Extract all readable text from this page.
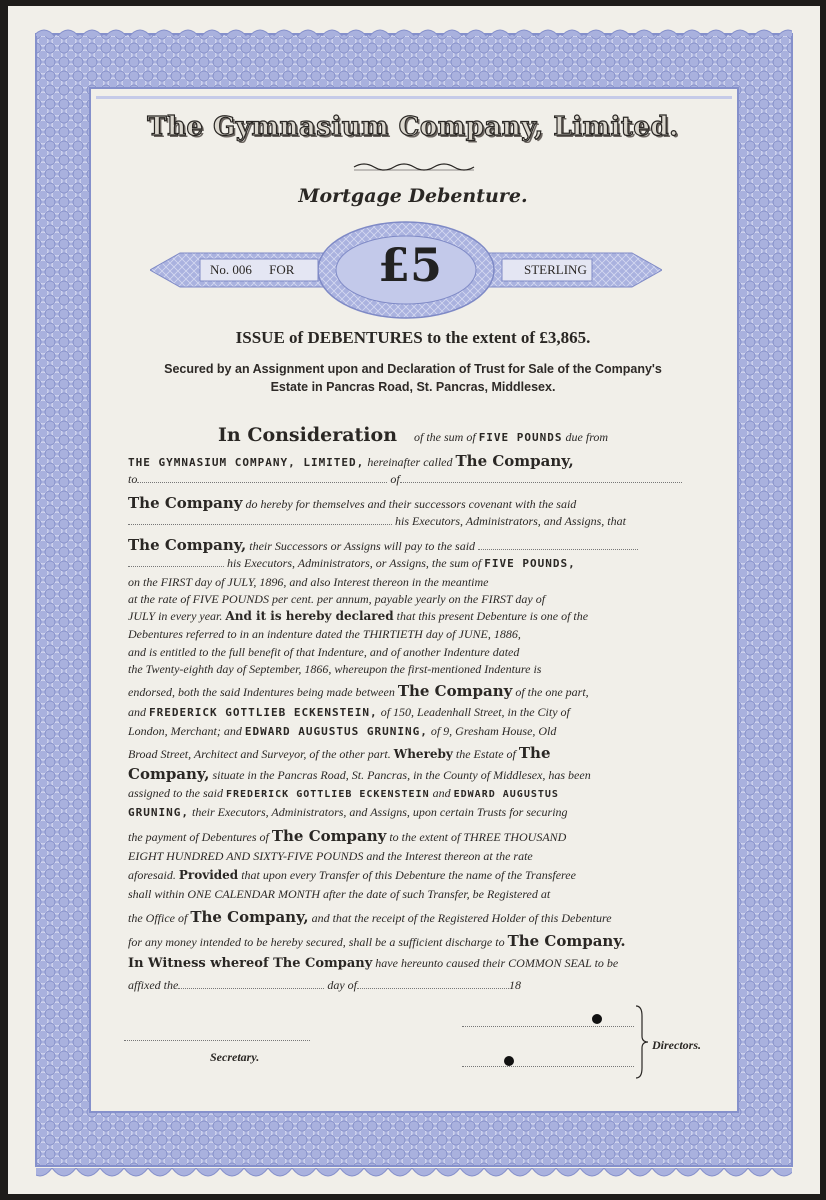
The Gymnasium Company, Limited.
Mortgage Debenture.
No. 006 FOR	£5	STERLING
ISSUE of DEBENTURES to the extent of £3,865.
Secured by an Assignment upon and Declaration of Trust for Sale of the Company's
Estate in Pancras Road, St. Pancras, Middlesex.
In Consideration of the sum of FIVE POUNDS due from
THE GYMNASIUM COMPANY, LIMITED, hereinafter called The Company,
to	of
The Company do hereby for themselves and their successors covenant with the said
his Executors, Administrators, and Assigns, that
The Company, their Successors or Assigns will pay to the said
his Executors, Administrators, or Assigns, the sum of FIVE POUNDS,
on the FIRST day of JULY, 1896, and also Interest thereon in the meantime
at the rate of FIVE POUNDS per cent. per annum, payable yearly on the FIRST day of
JULY in every year. And it is hereby declared that this present Debenture is one of the
Debentures referred to in an indenture dated the THIRTIETH day of JUNE, 1886,
and is entitled to the full benefit of that Indenture, and of another Indenture dated
the Twenty-eighth day of September, 1866, whereupon the first-mentioned Indenture is
endorsed, both the said Indentures being made between The Company of the one part,
and FREDERICK GOTTLIEB ECKENSTEIN, of 150, Leadenhall Street, in the City of
London, Merchant; and EDWARD AUGUSTUS GRUNING, of 9, Gresham House, Old
Broad Street, Architect and Surveyor, of the other part. Whereby the Estate of The
Company, situate in the Pancras Road, St. Pancras, in the County of Middlesex, has been
assigned to the said FREDERICK GOTTLIEB ECKENSTEIN and EDWARD AUGUSTUS
GRUNING, their Executors, Administrators, and Assigns, upon certain Trusts for securing
the payment of Debentures of The Company to the extent of THREE THOUSAND
EIGHT HUNDRED AND SIXTY-FIVE POUNDS and the Interest thereon at the rate
aforesaid. Provided that upon every Transfer of this Debenture the name of the Transferee
shall within ONE CALENDAR MONTH after the date of such Transfer, be Registered at
the Office of The Company, and that the receipt of the Registered Holder of this Debenture
for any money intended to be hereby secured, shall be a sufficient discharge to The Company.
In Witness whereof The Company have hereunto caused their COMMON SEAL to be
affixed the	day of	18
Secretary.
Directors.
